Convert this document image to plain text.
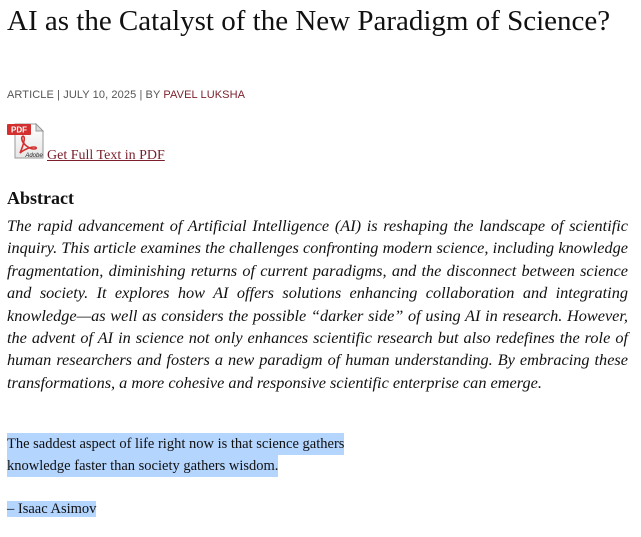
AI as the Catalyst of the New Paradigm of Science?
ARTICLE | JULY 10, 2025 | BY PAVEL LUKSHA
PDF
Adobe Get Full Text in PDF
Abstract

The rapid advancement of Artificial Intelligence (AI) is reshaping the landscape of scientific inquiry. This article examines the challenges confronting modern science, including knowledge fragmentation, diminishing returns of current paradigms, and the disconnect between science and society. It explores how AI offers solutions enhancing collaboration and integrating knowledge—as well as considers the possible “darker side” of using AI in research. However, the advent of AI in science not only enhances scientific research but also redefines the role of human researchers and fosters a new paradigm of human understanding. By embracing these transformations, a more cohesive and responsive scientific enterprise can emerge.

The saddest aspect of life right now is that science gathers
knowledge faster than society gathers wisdom.

– Isaac Asimov
